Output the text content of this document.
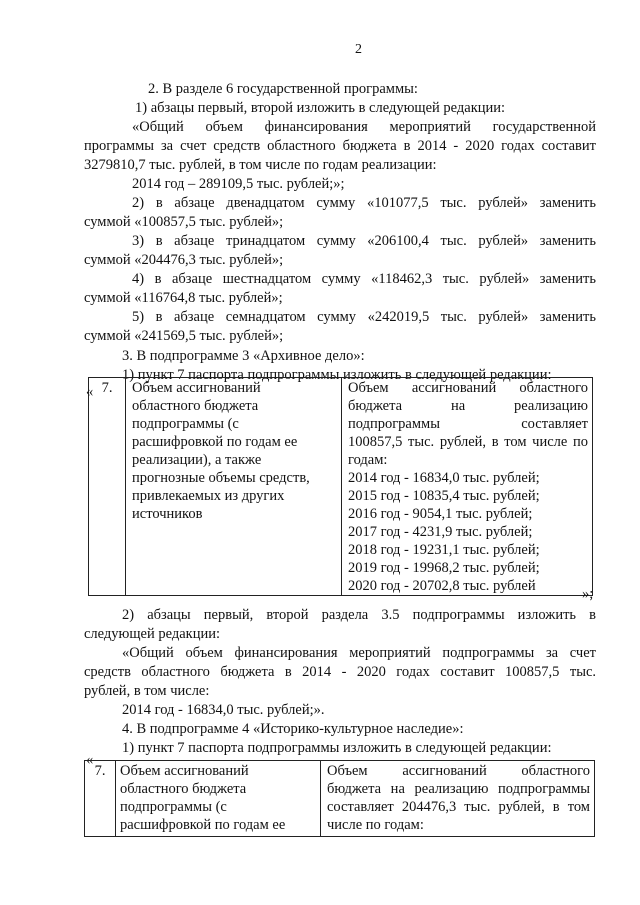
2
2. В разделе 6 государственной программы:
1) абзацы первый, второй изложить в следующей редакции:
«Общий объем финансирования мероприятий государственной
программы за счет средств областного бюджета в 2014 - 2020 годах составит
3279810,7 тыс. рублей, в том числе по годам реализации:
2014 год – 289109,5 тыс. рублей;»;
2) в абзаце двенадцатом сумму «101077,5 тыс. рублей» заменить
суммой «100857,5 тыс. рублей»;
3) в абзаце тринадцатом сумму «206100,4 тыс. рублей» заменить
суммой «204476,3 тыс. рублей»;
4) в абзаце шестнадцатом сумму «118462,3 тыс. рублей» заменить
суммой «116764,8 тыс. рублей»;
5) в абзаце семнадцатом сумму «242019,5 тыс. рублей» заменить
суммой «241569,5 тыс. рублей»;
3. В подпрограмме 3 «Архивное дело»:
1) пункт 7 паспорта подпрограммы изложить в следующей редакции:
« 7.	Объем ассигнований
областного бюджета
подпрограммы (с
расшифровкой по годам ее
реализации), а также
прогнозные объемы средств,
привлекаемых из других
источников

Объем ассигнований областного
бюджета на реализацию
подпрограммы составляет
100857,5 тыс. рублей, в том числе по
годам:
2014 год - 16834,0 тыс. рублей;
2015 год - 10835,4 тыс. рублей;
2016 год - 9054,1 тыс. рублей;
2017 год - 4231,9 тыс. рублей;
2018 год - 19231,1 тыс. рублей;
2019 год - 19968,2 тыс. рублей;
2020 год - 20702,8 тыс. рублей	»;
2) абзацы первый, второй раздела 3.5 подпрограммы изложить в
следующей редакции:
«Общий объем финансирования мероприятий подпрограммы за счет
средств областного бюджета в 2014 - 2020 годах составит 100857,5 тыс.
рублей, в том числе:
2014 год - 16834,0 тыс. рублей;».
4. В подпрограмме 4 «Историко-культурное наследие»:
1) пункт 7 паспорта подпрограммы изложить в следующей редакции:
«
7.	Объем ассигнований
областного бюджета
подпрограммы (с
расшифровкой по годам ее

Объем ассигнований областного
бюджета на реализацию подпрограммы
составляет 204476,3 тыс. рублей, в том
числе по годам:
